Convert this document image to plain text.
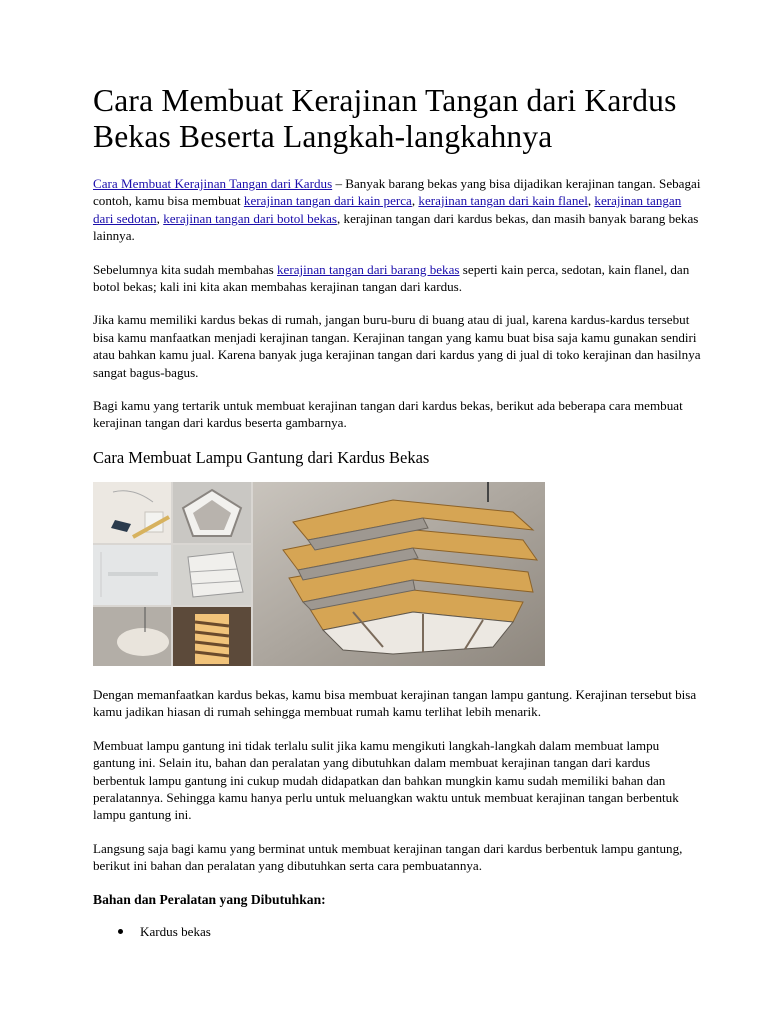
Cara Membuat Kerajinan Tangan dari Kardus Bekas Beserta Langkah-langkahnya

Cara Membuat Kerajinan Tangan dari Kardus – Banyak barang bekas yang bisa dijadikan kerajinan tangan. Sebagai contoh, kamu bisa membuat kerajinan tangan dari kain perca, kerajinan tangan dari kain flanel, kerajinan tangan dari sedotan, kerajinan tangan dari botol bekas, kerajinan tangan dari kardus bekas, dan masih banyak barang bekas lainnya.

Sebelumnya kita sudah membahas kerajinan tangan dari barang bekas seperti kain perca, sedotan, kain flanel, dan botol bekas; kali ini kita akan membahas kerajinan tangan dari kardus.

Jika kamu memiliki kardus bekas di rumah, jangan buru-buru di buang atau di jual, karena kardus-kardus tersebut bisa kamu manfaatkan menjadi kerajinan tangan. Kerajinan tangan yang kamu buat bisa saja kamu gunakan sendiri atau bahkan kamu jual. Karena banyak juga kerajinan tangan dari kardus yang di jual di toko kerajinan dan hasilnya sangat bagus-bagus.

Bagi kamu yang tertarik untuk membuat kerajinan tangan dari kardus bekas, berikut ada beberapa cara membuat kerajinan tangan dari kardus beserta gambarnya.

Cara Membuat Lampu Gantung dari Kardus Bekas

Dengan memanfaatkan kardus bekas, kamu bisa membuat kerajinan tangan lampu gantung. Kerajinan tersebut bisa kamu jadikan hiasan di rumah sehingga membuat rumah kamu terlihat lebih menarik.

Membuat lampu gantung ini tidak terlalu sulit jika kamu mengikuti langkah-langkah dalam membuat lampu gantung ini. Selain itu, bahan dan peralatan yang dibutuhkan dalam membuat kerajinan tangan dari kardus berbentuk lampu gantung ini cukup mudah didapatkan dan bahkan mungkin kamu sudah memiliki bahan dan peralatannya. Sehingga kamu hanya perlu untuk meluangkan waktu untuk membuat kerajinan tangan berbentuk lampu gantung ini.

Langsung saja bagi kamu yang berminat untuk membuat kerajinan tangan dari kardus berbentuk lampu gantung, berikut ini bahan dan peralatan yang dibutuhkan serta cara pembuatannya.

Bahan dan Peralatan yang Dibutuhkan:
Kardus bekas
